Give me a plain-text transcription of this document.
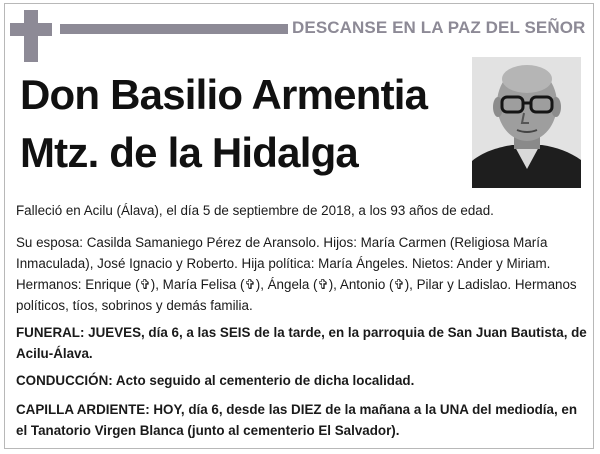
DESCANSE EN LA PAZ DEL SEÑOR
Don Basilio Armentia
Mtz. de la Hidalga

Falleció en Acilu (Álava), el día 5 de septiembre de 2018, a los 93 años de edad.

Su esposa: Casilda Samaniego Pérez de Aransolo. Hijos: María Carmen (Religiosa María Inmaculada), José Ignacio y Roberto. Hija política: María Ángeles. Nietos: Ander y Miriam. Hermanos: Enrique (✞), María Felisa (✞), Ángela (✞), Antonio (✞), Pilar y Ladislao. Hermanos políticos, tíos, sobrinos y demás familia.

FUNERAL: JUEVES, día 6, a las SEIS de la tarde, en la parroquia de San Juan Bautista, de Acilu-Álava.

CONDUCCIÓN: Acto seguido al cementerio de dicha localidad.

CAPILLA ARDIENTE: HOY, día 6, desde las DIEZ de la mañana a la UNA del mediodía, en el Tanatorio Virgen Blanca (junto al cementerio El Salvador).
